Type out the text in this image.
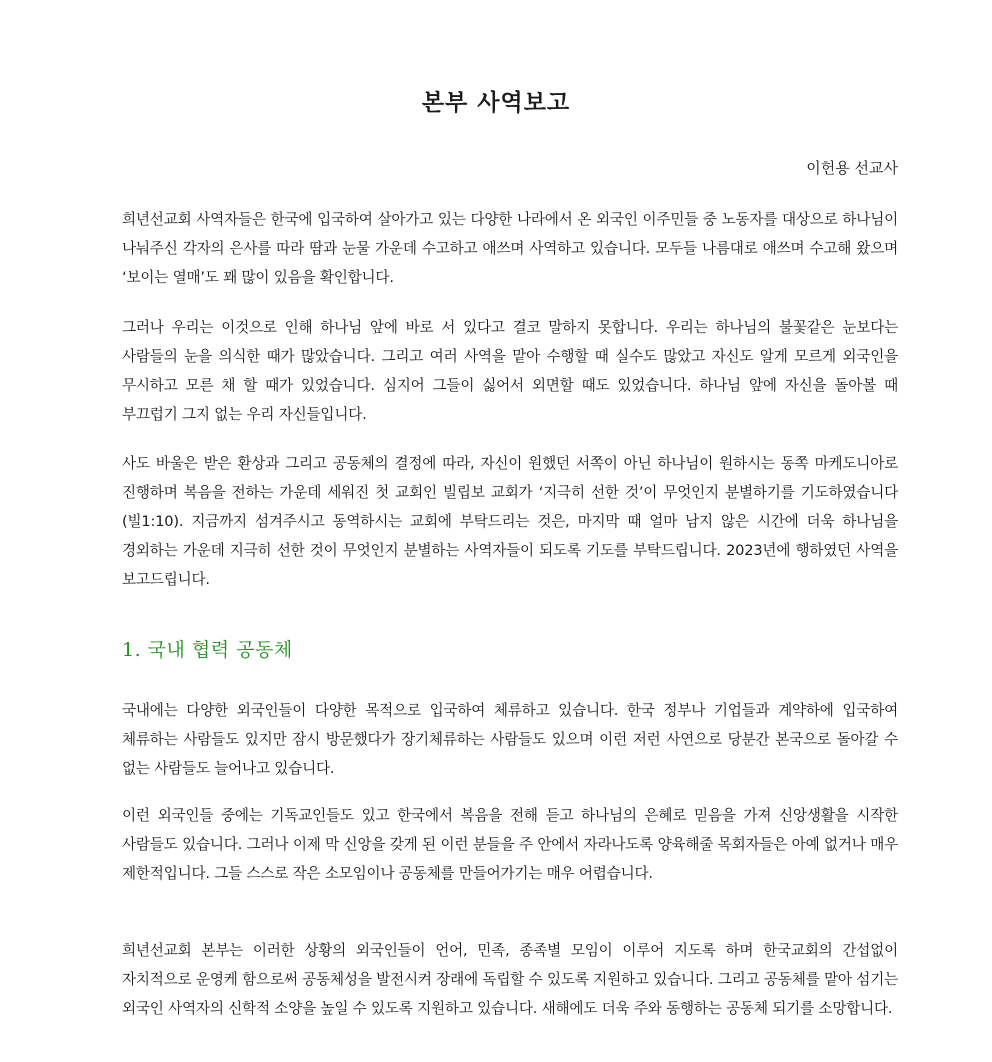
본부 사역보고

이헌용 선교사

희년선교회 사역자들은 한국에 입국하여 살아가고 있는 다양한 나라에서 온 외국인 이주민들 중 노동자를 대상으로 하나님이 나눠주신 각자의 은사를 따라 땀과 눈물 가운데 수고하고 애쓰며 사역하고 있습니다. 모두들 나름대로 애쓰며 수고해 왔으며 ‘보이는 열매’도 꽤 많이 있음을 확인합니다.

그러나 우리는 이것으로 인해 하나님 앞에 바로 서 있다고 결코 말하지 못합니다. 우리는 하나님의 불꽃같은 눈보다는 사람들의 눈을 의식한 때가 많았습니다. 그리고 여러 사역을 맡아 수행할 때 실수도 많았고 자신도 알게 모르게 외국인을 무시하고 모른 채 할 때가 있었습니다. 심지어 그들이 싫어서 외면할 때도 있었습니다. 하나님 앞에 자신을 돌아볼 때 부끄럽기 그지 없는 우리 자신들입니다.

사도 바울은 받은 환상과 그리고 공동체의 결정에 따라, 자신이 원했던 서쪽이 아닌 하나님이 원하시는 동쪽 마케도니아로 진행하며 복음을 전하는 가운데 세워진 첫 교회인 빌립보 교회가 ‘지극히 선한 것’이 무엇인지 분별하기를 기도하였습니다(빌1:10). 지금까지 섬겨주시고 동역하시는 교회에 부탁드리는 것은, 마지막 때 얼마 남지 않은 시간에 더욱 하나님을 경외하는 가운데 지극히 선한 것이 무엇인지 분별하는 사역자들이 되도록 기도를 부탁드립니다. 2023년에 행하였던 사역을 보고드립니다.

1. 국내 협력 공동체

국내에는 다양한 외국인들이 다양한 목적으로 입국하여 체류하고 있습니다. 한국 정부나 기업들과 계약하에 입국하여 체류하는 사람들도 있지만 잠시 방문했다가 장기체류하는 사람들도 있으며 이런 저런 사연으로 당분간 본국으로 돌아갈 수 없는 사람들도 늘어나고 있습니다.

이런 외국인들 중에는 기독교인들도 있고 한국에서 복음을 전해 듣고 하나님의 은혜로 믿음을 가져 신앙생활을 시작한 사람들도 있습니다. 그러나 이제 막 신앙을 갖게 된 이런 분들을 주 안에서 자라나도록 양육해줄 목회자들은 아예 없거나 매우 제한적입니다. 그들 스스로 작은 소모임이나 공동체를 만들어가기는 매우 어렵습니다.

희년선교회 본부는 이러한 상황의 외국인들이 언어, 민족, 종족별 모임이 이루어 지도록 하며 한국교회의 간섭없이 자치적으로 운영케 함으로써 공동체성을 발전시켜 장래에 독립할 수 있도록 지원하고 있습니다. 그리고 공동체를 맡아 섬기는 외국인 사역자의 신학적 소양을 높일 수 있도록 지원하고 있습니다. 새해에도 더욱 주와 동행하는 공동체 되기를 소망합니다.
